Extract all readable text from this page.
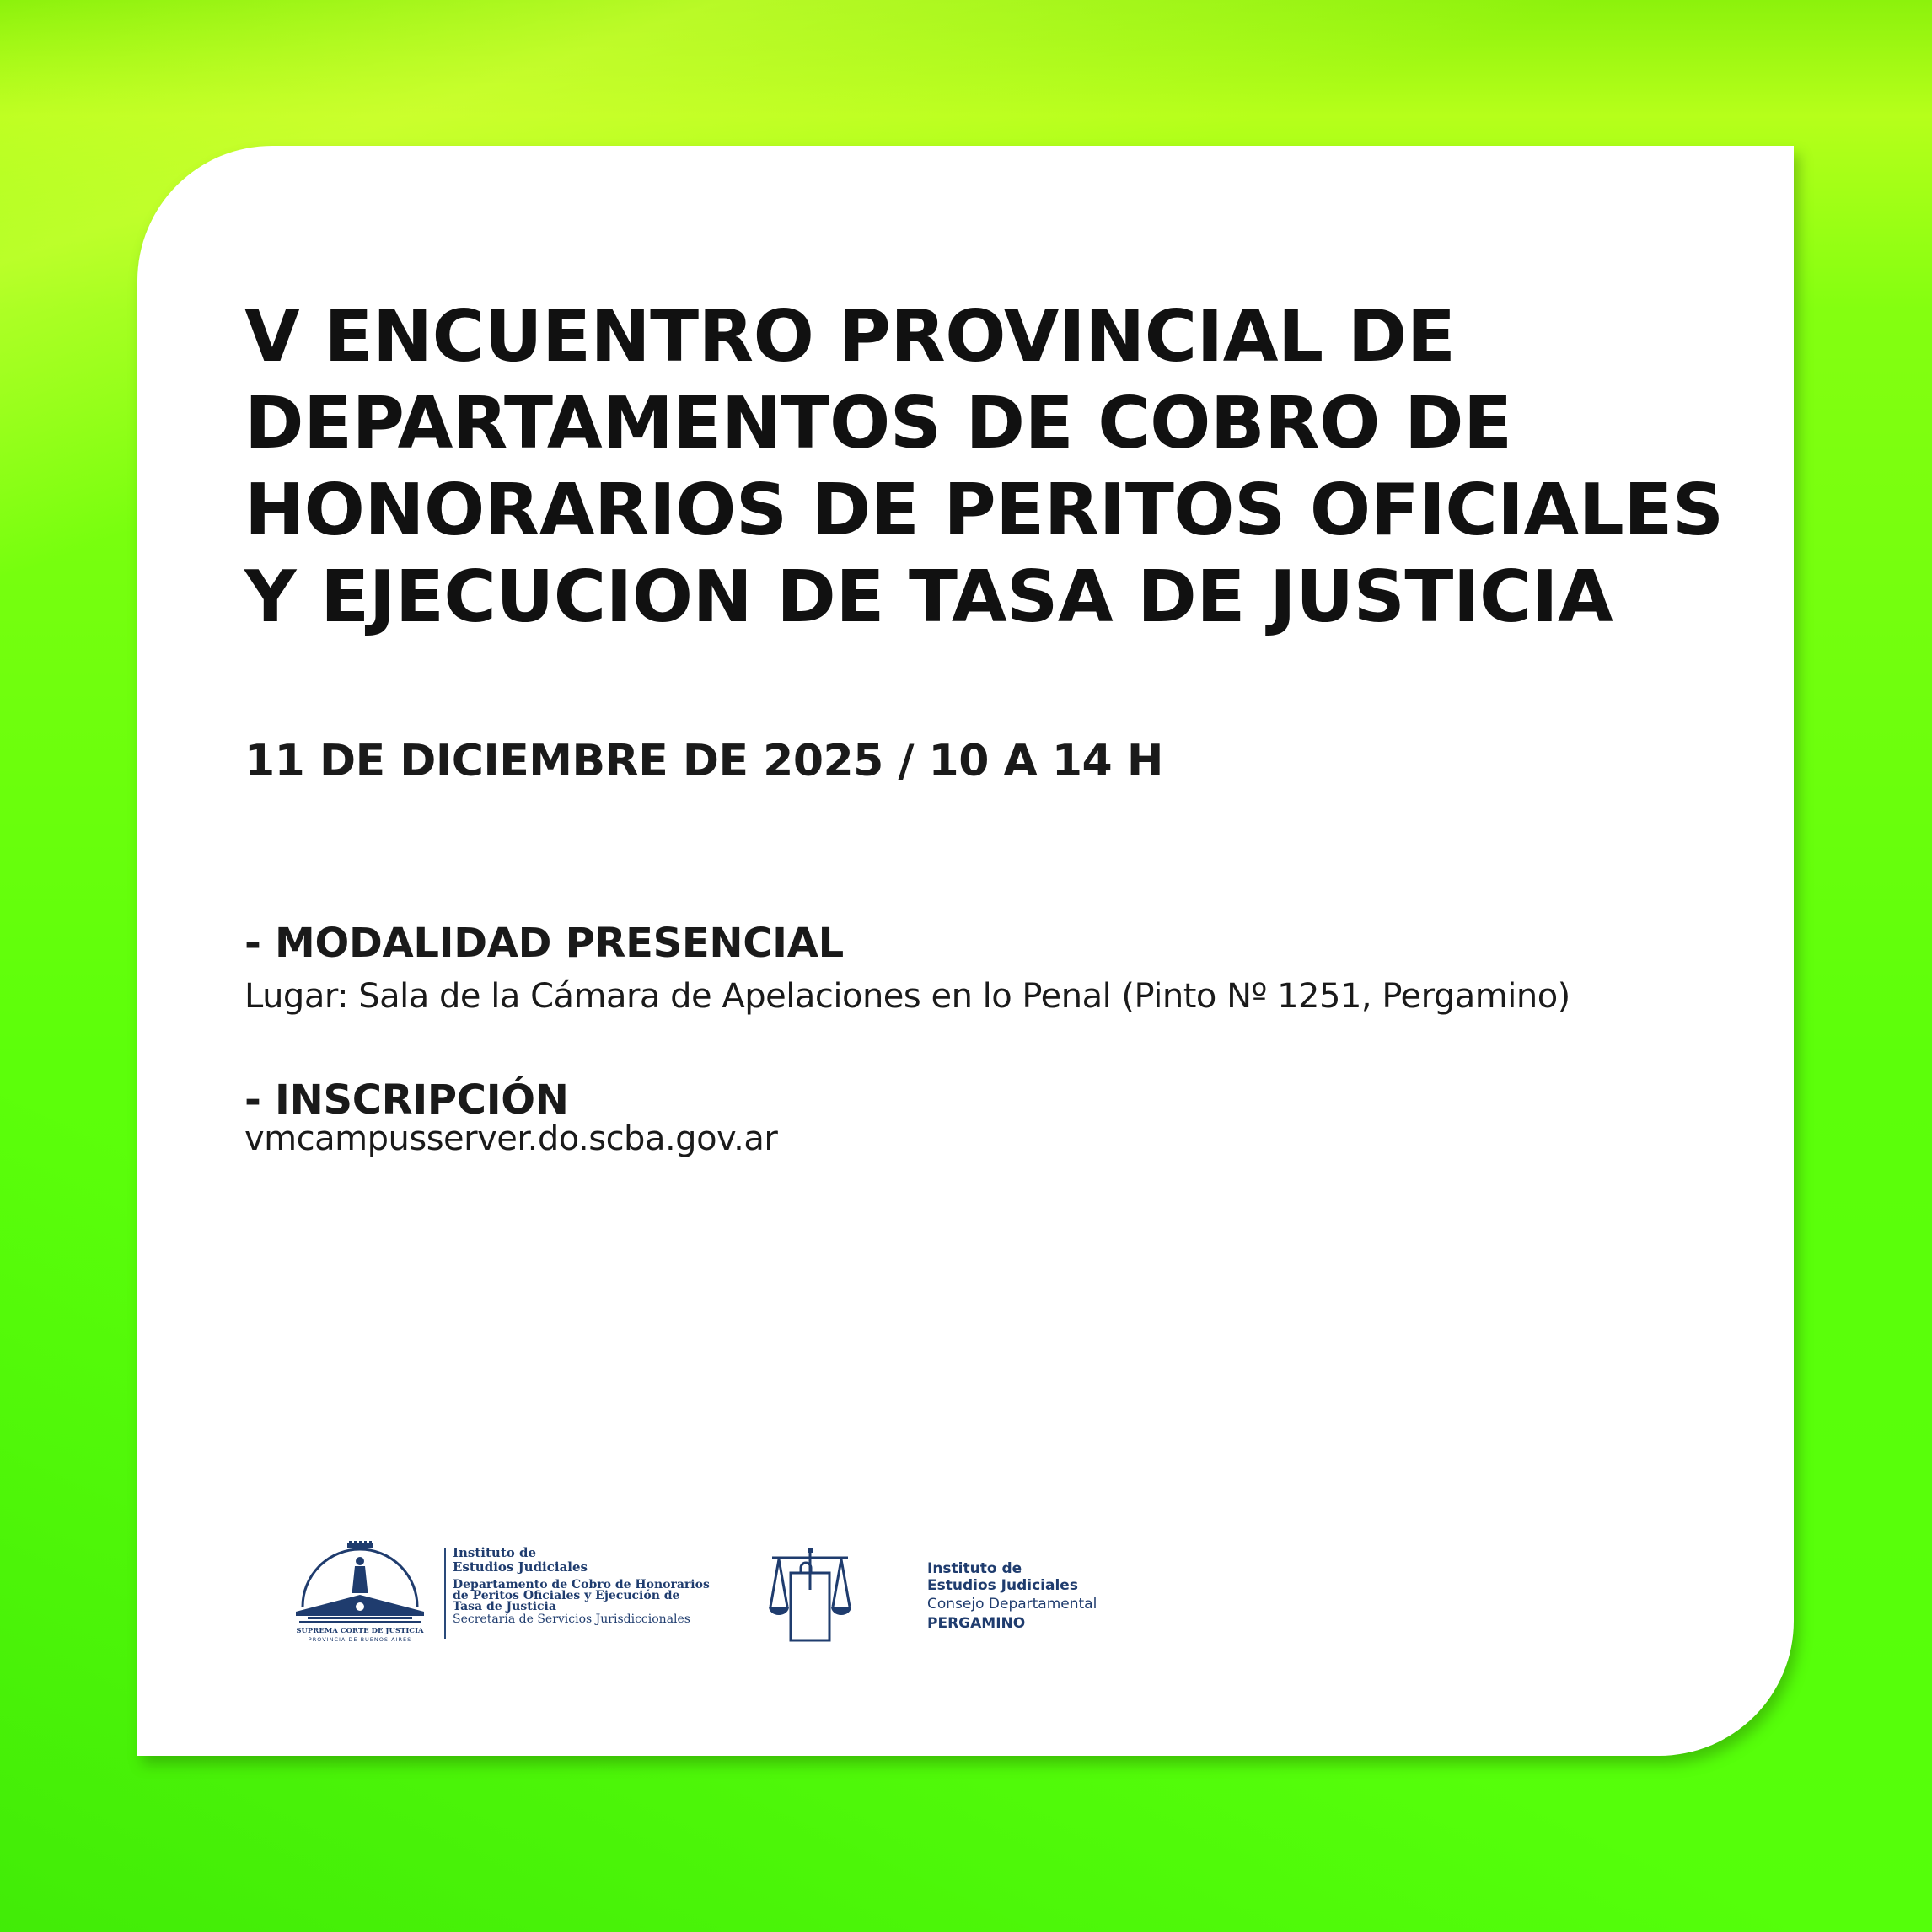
V ENCUENTRO PROVINCIAL DE
DEPARTAMENTOS DE COBRO DE
HONORARIOS DE PERITOS OFICIALES
Y EJECUCION DE TASA DE JUSTICIA
11 DE DICIEMBRE DE 2025 / 10 A 14 H
- MODALIDAD PRESENCIAL
Lugar: Sala de la Cámara de Apelaciones en lo Penal (Pinto Nº 1251, Pergamino)
- INSCRIPCIÓN
vmcampusserver.do.scba.gov.ar
SUPREMA CORTE DE JUSTICIA
PROVINCIA DE BUENOS AIRES
Instituto de
Estudios Judiciales
Departamento de Cobro de Honorarios
de Peritos Oficiales y Ejecución de
Tasa de Justicia
Secretaría de Servicios Jurisdiccionales
Instituto de
Estudios Judiciales
Consejo Departamental
PERGAMINO
